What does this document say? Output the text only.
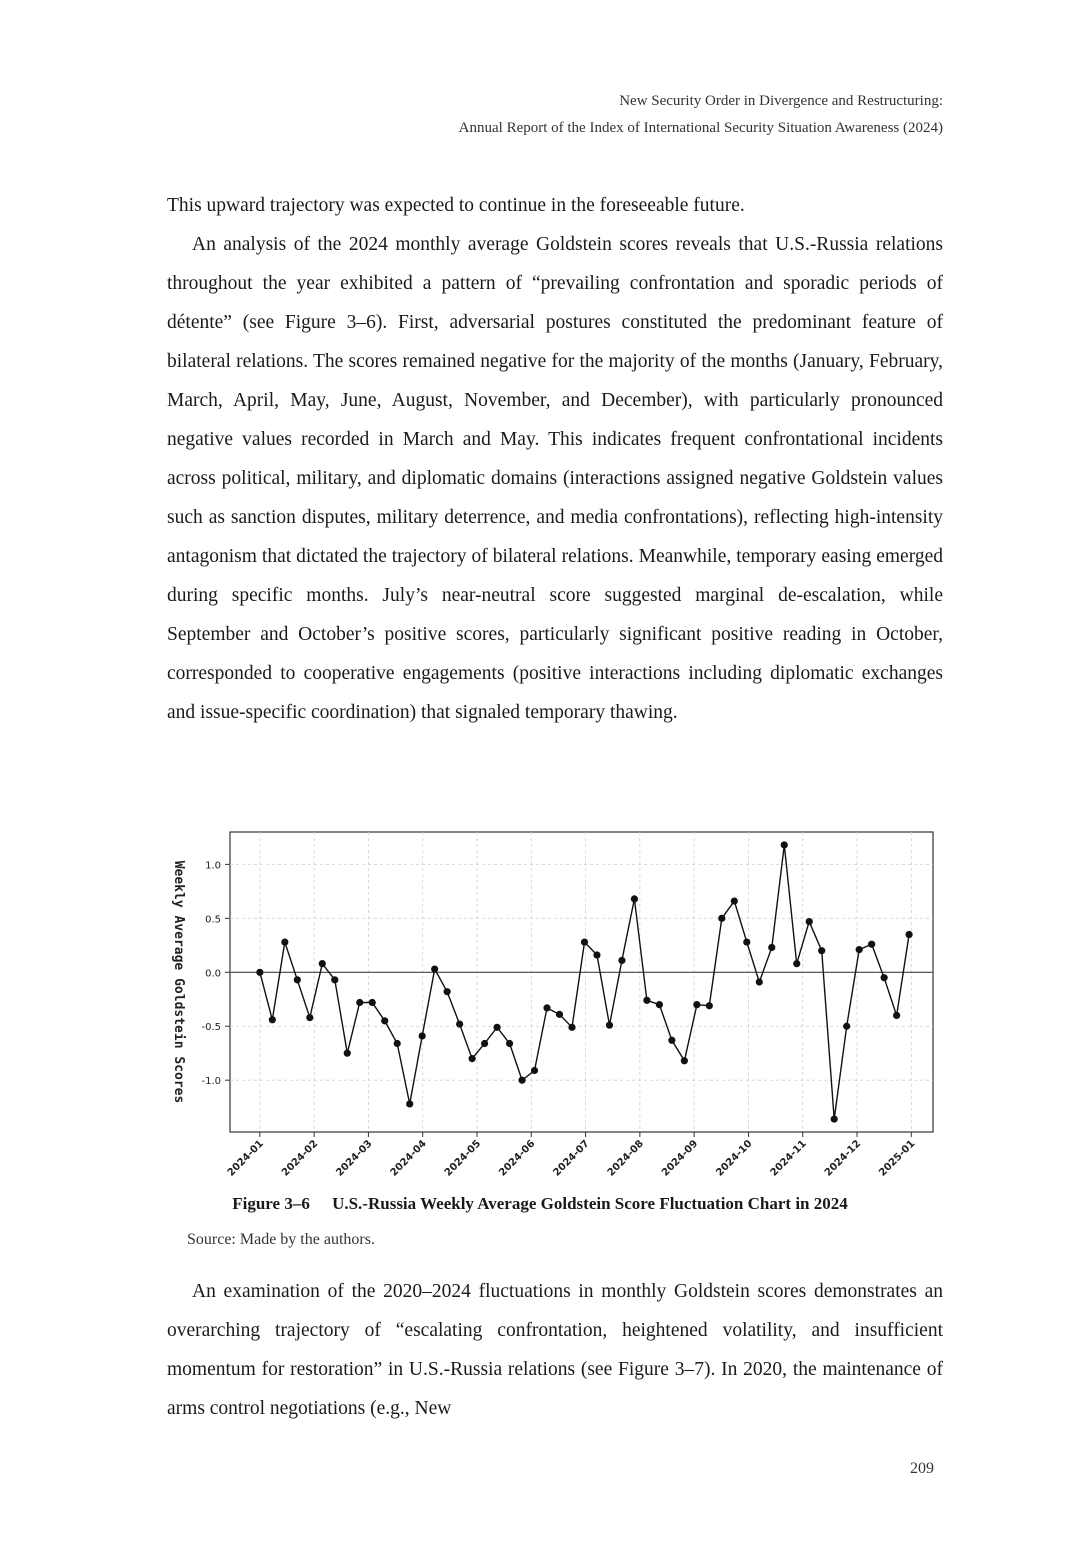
New Security Order in Divergence and Restructuring:
Annual Report of the Index of International Security Situation Awareness (2024)

This upward trajectory was expected to continue in the foreseeable future.

An analysis of the 2024 monthly average Goldstein scores reveals that U.S.-Russia relations throughout the year exhibited a pattern of “prevailing confrontation and sporadic periods of détente” (see Figure 3–6). First, adversarial postures constituted the predominant feature of bilateral relations. The scores remained negative for the majority of the months (January, February, March, April, May, June, August, November, and December), with particularly pronounced negative values recorded in March and May. This indicates frequent confrontational incidents across political, military, and diplomatic domains (interactions assigned negative Goldstein values such as sanction disputes, military deterrence, and media confrontations), reflecting high-intensity antagonism that dictated the trajectory of bilateral relations. Meanwhile, temporary easing emerged during specific months. July’s near-neutral score suggested marginal de-escalation, while September and October’s positive scores, particularly significant positive reading in October, corresponded to cooperative engagements (positive interactions including diplomatic exchanges and issue-specific coordination) that signaled temporary thawing.

1.0
0.5
0.0
-0.5
-1.0
2024-01 2024-02 2024-03 2024-04 2024-05 2024-06 2024-07 2024-08 2024-09 2024-10 2024-11 2024-12 2025-01
Weekly Average Goldstein Scores
Figure 3–6 U.S.-Russia Weekly Average Goldstein Score Fluctuation Chart in 2024
Source: Made by the authors.

An examination of the 2020–2024 fluctuations in monthly Goldstein scores demonstrates an overarching trajectory of “escalating confrontation, heightened volatility, and insufficient momentum for restoration” in U.S.-Russia relations (see Figure 3–7). In 2020, the maintenance of arms control negotiations (e.g., New

209
